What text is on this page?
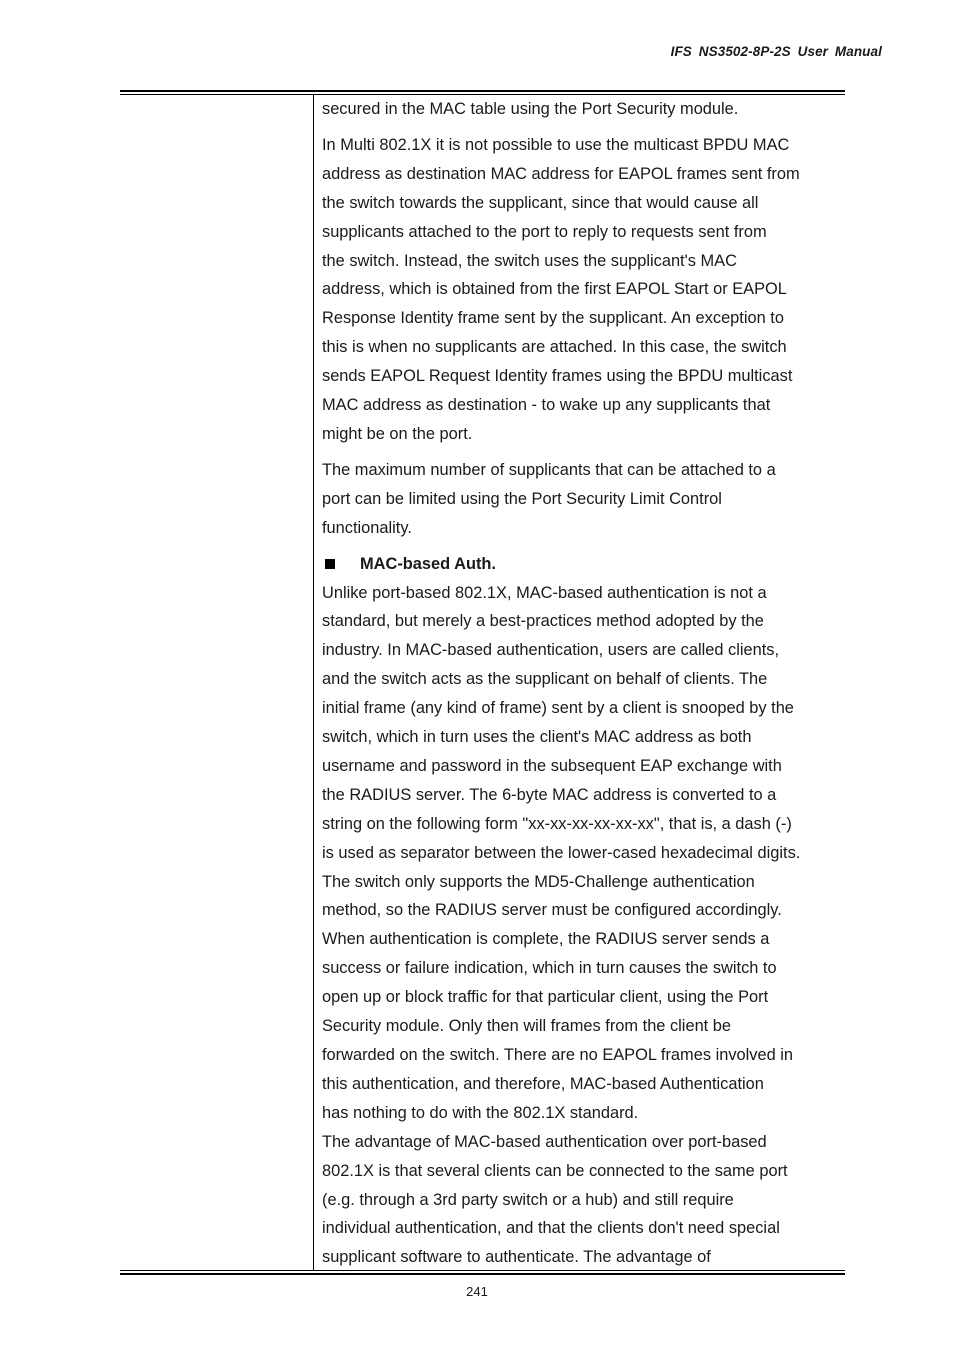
IFS NS3502-8P-2S User Manual

secured in the MAC table using the Port Security module.

In Multi 802.1X it is not possible to use the multicast BPDU MAC

address as destination MAC address for EAPOL frames sent from

the switch towards the supplicant, since that would cause all

supplicants attached to the port to reply to requests sent from

the switch. Instead, the switch uses the supplicant's MAC

address, which is obtained from the first EAPOL Start or EAPOL

Response Identity frame sent by the supplicant. An exception to

this is when no supplicants are attached. In this case, the switch

sends EAPOL Request Identity frames using the BPDU multicast

MAC address as destination - to wake up any supplicants that

might be on the port.

The maximum number of supplicants that can be attached to a

port can be limited using the Port Security Limit Control

functionality.

MAC-based Auth.

Unlike port-based 802.1X, MAC-based authentication is not a

standard, but merely a best-practices method adopted by the

industry. In MAC-based authentication, users are called clients,

and the switch acts as the supplicant on behalf of clients. The

initial frame (any kind of frame) sent by a client is snooped by the

switch, which in turn uses the client's MAC address as both

username and password in the subsequent EAP exchange with

the RADIUS server. The 6-byte MAC address is converted to a

string on the following form "xx-xx-xx-xx-xx-xx", that is, a dash (-)

is used as separator between the lower-cased hexadecimal digits.

The switch only supports the MD5-Challenge authentication

method, so the RADIUS server must be configured accordingly.

When authentication is complete, the RADIUS server sends a

success or failure indication, which in turn causes the switch to

open up or block traffic for that particular client, using the Port

Security module. Only then will frames from the client be

forwarded on the switch. There are no EAPOL frames involved in

this authentication, and therefore, MAC-based Authentication

has nothing to do with the 802.1X standard.

The advantage of MAC-based authentication over port-based

802.1X is that several clients can be connected to the same port

(e.g. through a 3rd party switch or a hub) and still require

individual authentication, and that the clients don't need special

supplicant software to authenticate. The advantage of

241
